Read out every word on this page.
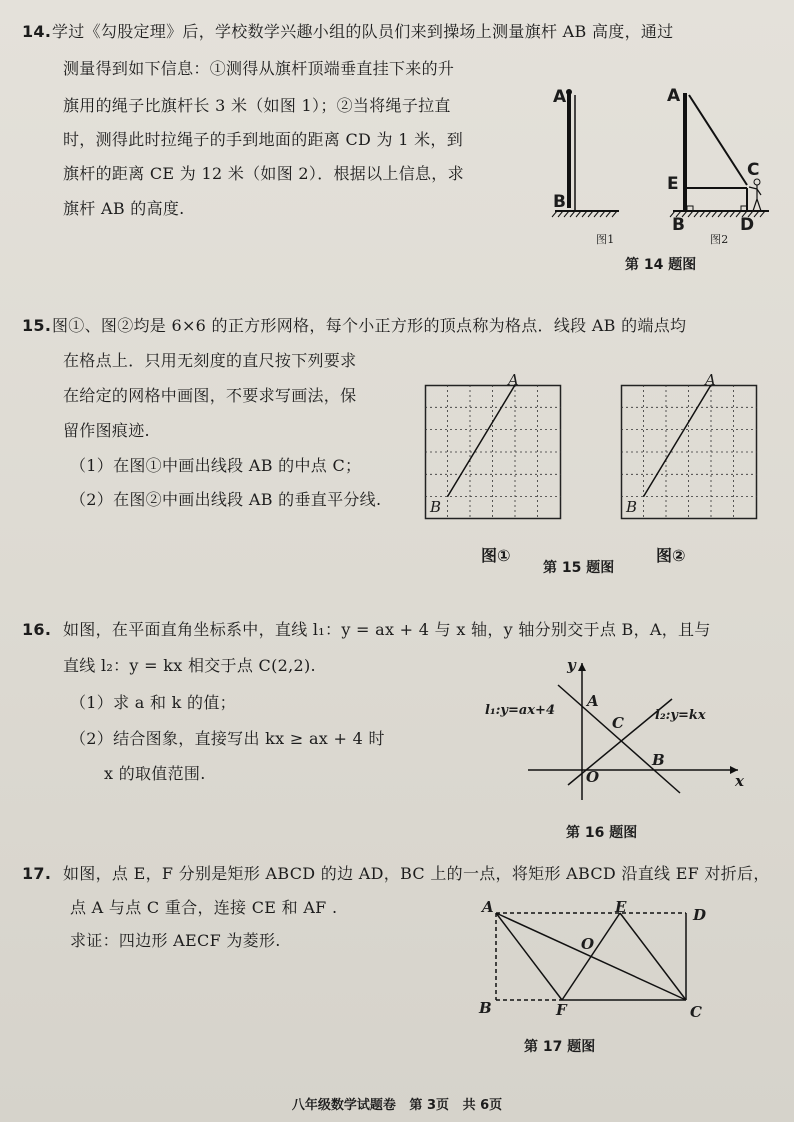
14. 学过《勾股定理》后，学校数学兴趣小组的队员们来到操场上测量旗杆 AB 高度，通过
测量得到如下信息：①测得从旗杆顶端垂直挂下来的升
旗用的绳子比旗杆长 3 米（如图 1）；②当将绳子拉直
时，测得此时拉绳子的手到地面的距离 CD 为 1 米，到
旗杆的距离 CE 为 12 米（如图 2）．根据以上信息，求
旗杆 AB 的高度.
A
B
图1
A
E
C
B	D
图2
第 14 题图
15. 图①、图②均是 6×6 的正方形网格，每个小正方形的顶点称为格点．线段 AB 的端点均
在格点上．只用无刻度的直尺按下列要求
在给定的网格中画图，不要求写画法，保
留作图痕迹.
（1）在图①中画出线段 AB 的中点 C；
（2）在图②中画出线段 AB 的垂直平分线.
A
B
A
B
图①	图②
第 15 题图
16. 如图，在平面直角坐标系中，直线 l₁：y = ax + 4 与 x 轴，y 轴分别交于点 B，A，且与
直线 l₂：y = kx 相交于点 C(2,2).
（1）求 a 和 k 的值；
（2）结合图象，直接写出 kx ≥ ax + 4 时
x 的取值范围.
y
x
l₁:y=ax+4	l₂:y=kx
A
C
B
O
第 16 题图
17. 如图，点 E，F 分别是矩形 ABCD 的边 AD，BC 上的一点，将矩形 ABCD 沿直线 EF 对折后，
点 A 与点 C 重合，连接 CE 和 AF .
求证：四边形 AECF 为菱形.
A	E	D
O
B	F	C
第 17 题图
八年级数学试题卷 第 3页 共 6页
